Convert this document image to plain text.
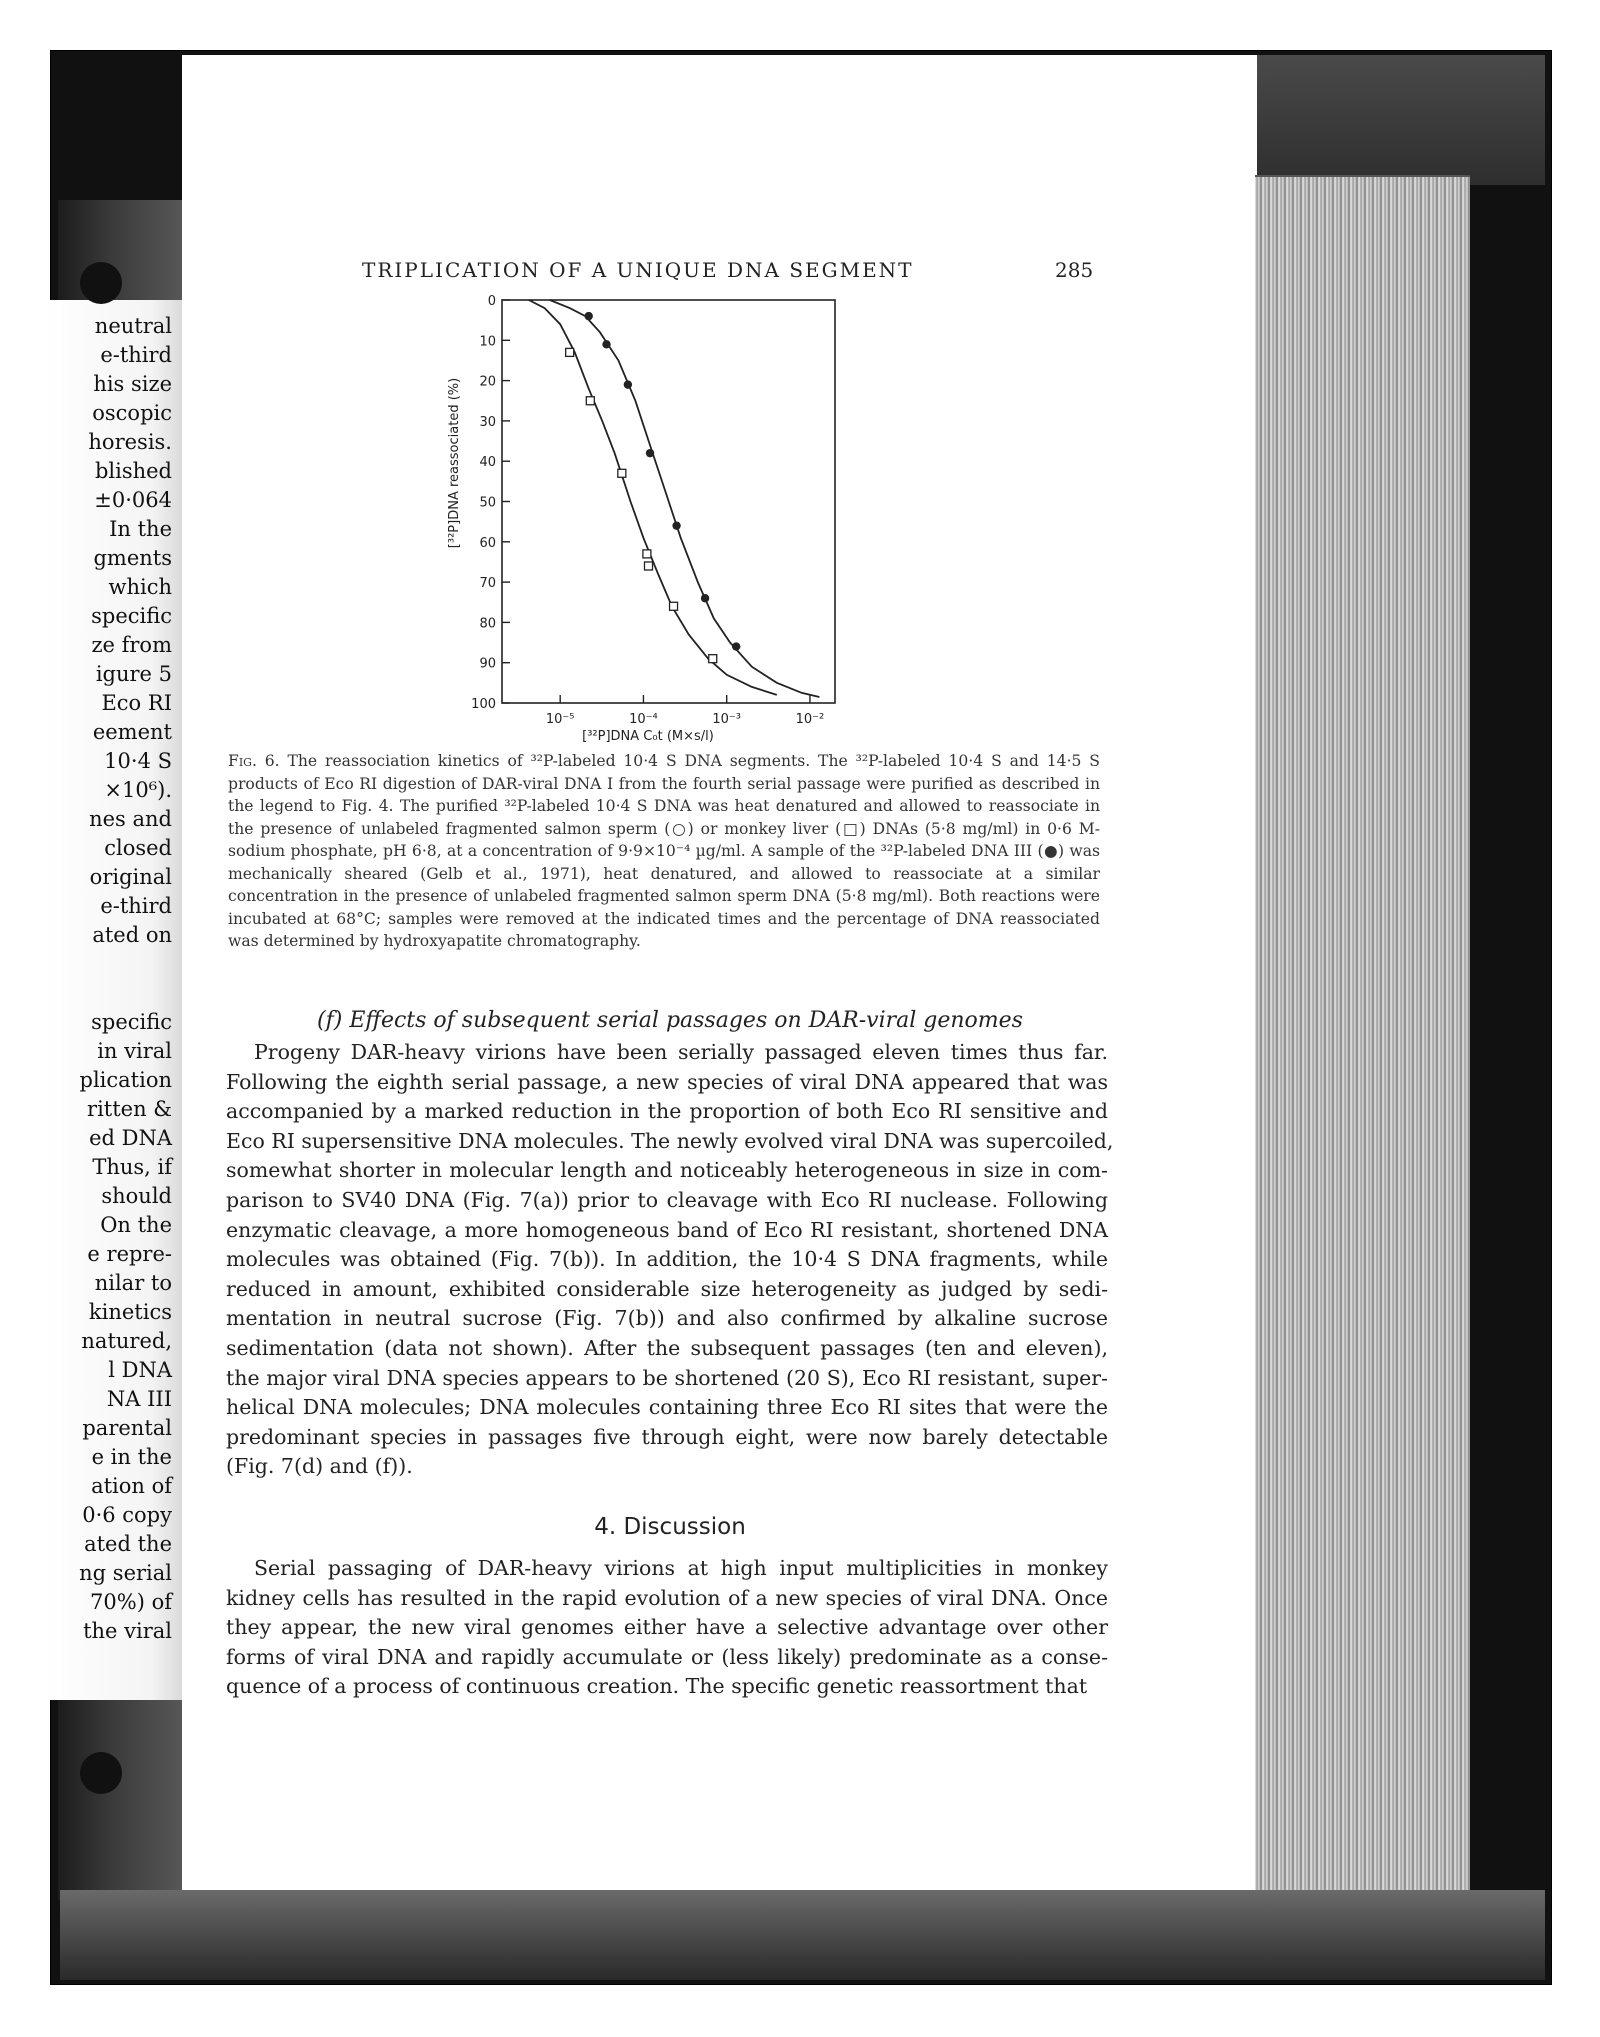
neutral
e-third
his size
oscopic
horesis.
blished
±0·064
In the
gments
which
specific
ze from
igure 5
Eco RI
eement
10·4 S
×10⁶).
nes and
closed
original
e-third
ated on
specific
in viral
plication
ritten &
ed DNA
Thus, if
should
On the
e repre-
nilar to
kinetics
natured,
l DNA
NA III
parental
e in the
ation of
0·6 copy
ated the
ng serial
70%) of
the viral
TRIPLICATION OF A UNIQUE DNA SEGMENT	285
0
10
20
30
40
50
60
70
80
90
100
10⁻⁵	10⁻⁴	10⁻³	10⁻²
[³²P]DNA reassociated (%)
[³²P]DNA C₀t (M×s/l)
Fig. 6. The reassociation kinetics of ³²P-labeled 10·4 S DNA segments. The ³²P-labeled 10·4 S and 14·5 S products of Eco RI digestion of DAR-viral DNA I from the fourth serial passage were purified as described in the legend to Fig. 4. The purified ³²P-labeled 10·4 S DNA was heat denatured and allowed to reassociate in the presence of unlabeled fragmented salmon sperm (○) or monkey liver (□) DNAs (5·8 mg/ml) in 0·6 M-sodium phosphate, pH 6·8, at a concentration of 9·9×10⁻⁴ µg/ml. A sample of the ³²P-labeled DNA III (●) was mechanically sheared (Gelb et al., 1971), heat denatured, and allowed to reassociate at a similar concentration in the presence of unlabeled fragmented salmon sperm DNA (5·8 mg/ml). Both reactions were incubated at 68°C; samples were removed at the indicated times and the percentage of DNA reassociated was determined by hydroxyapatite chromatography.
(f) Effects of subsequent serial passages on DAR-viral genomes
Progeny DAR-heavy virions have been serially passaged eleven times thus far.
Following the eighth serial passage, a new species of viral DNA appeared that was
accompanied by a marked reduction in the proportion of both Eco RI sensitive and
Eco RI supersensitive DNA molecules. The newly evolved viral DNA was supercoiled,
somewhat shorter in molecular length and noticeably heterogeneous in size in com-
parison to SV40 DNA (Fig. 7(a)) prior to cleavage with Eco RI nuclease. Following
enzymatic cleavage, a more homogeneous band of Eco RI resistant, shortened DNA
molecules was obtained (Fig. 7(b)). In addition, the 10·4 S DNA fragments, while
reduced in amount, exhibited considerable size heterogeneity as judged by sedi-
mentation in neutral sucrose (Fig. 7(b)) and also confirmed by alkaline sucrose
sedimentation (data not shown). After the subsequent passages (ten and eleven),
the major viral DNA species appears to be shortened (20 S), Eco RI resistant, super-
helical DNA molecules; DNA molecules containing three Eco RI sites that were the
predominant species in passages five through eight, were now barely detectable
(Fig. 7(d) and (f)).
4. Discussion
Serial passaging of DAR-heavy virions at high input multiplicities in monkey
kidney cells has resulted in the rapid evolution of a new species of viral DNA. Once
they appear, the new viral genomes either have a selective advantage over other
forms of viral DNA and rapidly accumulate or (less likely) predominate as a conse-
quence of a process of continuous creation. The specific genetic reassortment that
